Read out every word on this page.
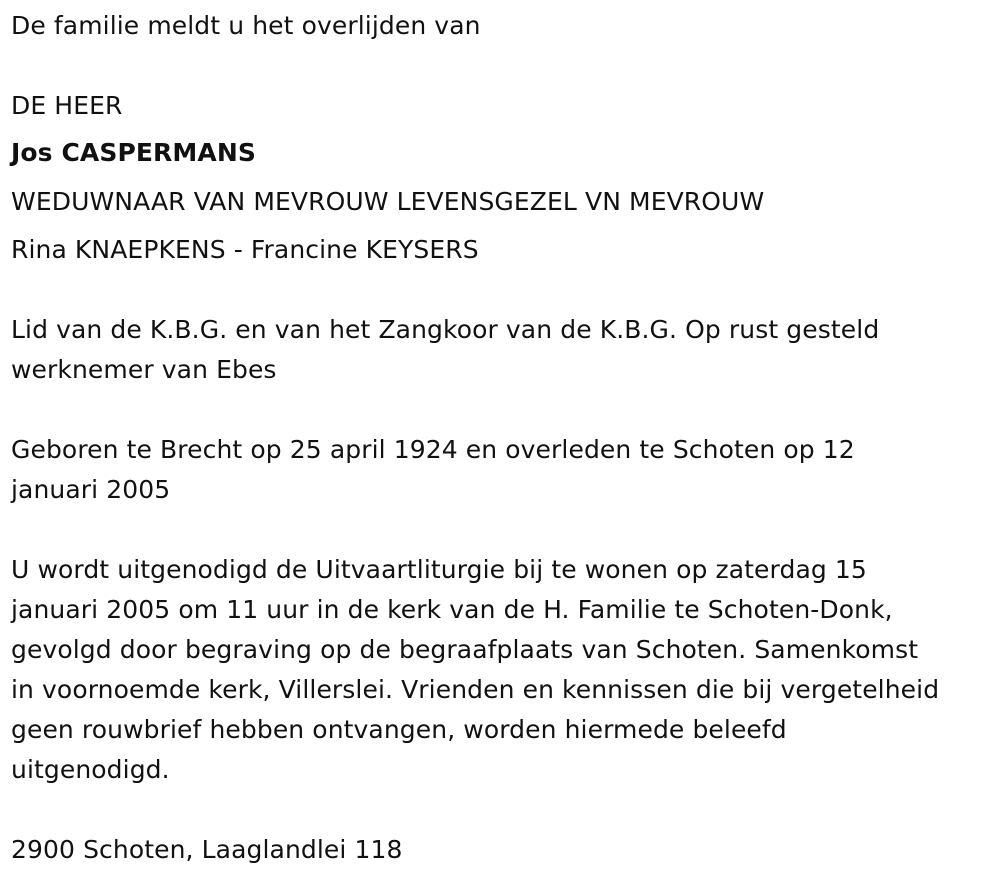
De familie meldt u het overlijden van
DE HEER
Jos CASPERMANS
WEDUWNAAR VAN MEVROUW LEVENSGEZEL VN MEVROUW
Rina KNAEPKENS - Francine KEYSERS
Lid van de K.B.G. en van het Zangkoor van de K.B.G. Op rust gesteld
werknemer van Ebes
Geboren te Brecht op 25 april 1924 en overleden te Schoten op 12
januari 2005
U wordt uitgenodigd de Uitvaartliturgie bij te wonen op zaterdag 15
januari 2005 om 11 uur in de kerk van de H. Familie te Schoten-Donk,
gevolgd door begraving op de begraafplaats van Schoten. Samenkomst
in voornoemde kerk, Villerslei. Vrienden en kennissen die bij vergetelheid
geen rouwbrief hebben ontvangen, worden hiermede beleefd
uitgenodigd.
2900 Schoten, Laaglandlei 118
